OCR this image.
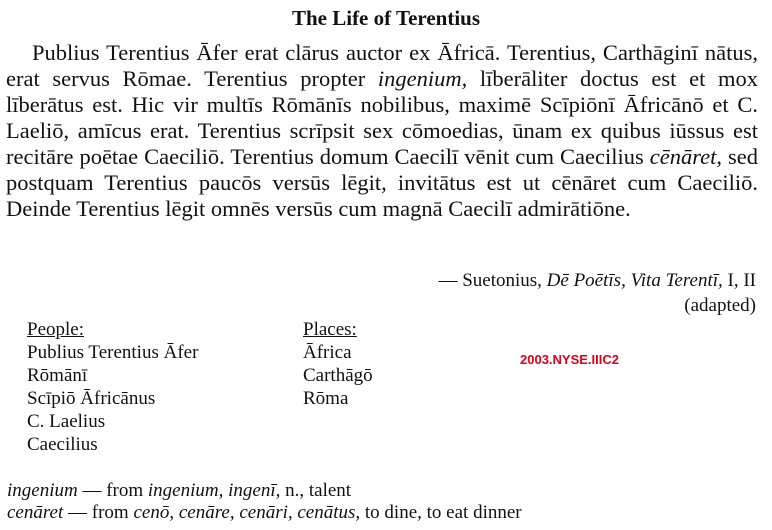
The Life of Terentius

Publius Terentius Āfer erat clārus auctor ex Āfricā. Terentius, Carthāginī nātus, erat servus Rōmae. Terentius propter ingenium, līberāliter doctus est et mox līberātus est. Hic vir multīs Rōmānīs nobilibus, maximē Scīpiōnī Āfricānō et C. Laeliō, amīcus erat. Terentius scrīpsit sex cōmoedias, ūnam ex quibus iūssus est recitāre poētae Caeciliō. Terentius domum Caecilī vēnit cum Caecilius cēnāret, sed postquam Terentius paucōs versūs lēgit, invitātus est ut cēnāret cum Caeciliō. Deinde Terentius lēgit omnēs versūs cum magnā Caecilī admirātiōne.

— Suetonius, Dē Poētīs, Vita Terentī, I, II
(adapted)
People:
Publius Terentius Āfer
Rōmānī
Scīpiō Āfricānus
C. Laelius
Caecilius
Places:
Āfrica
Carthāgō
Rōma
2003.NYSE.IIIC2
ingenium — from ingenium, ingenī, n., talent
cenāret — from cenō, cenāre, cenāri, cenātus, to dine, to eat dinner
